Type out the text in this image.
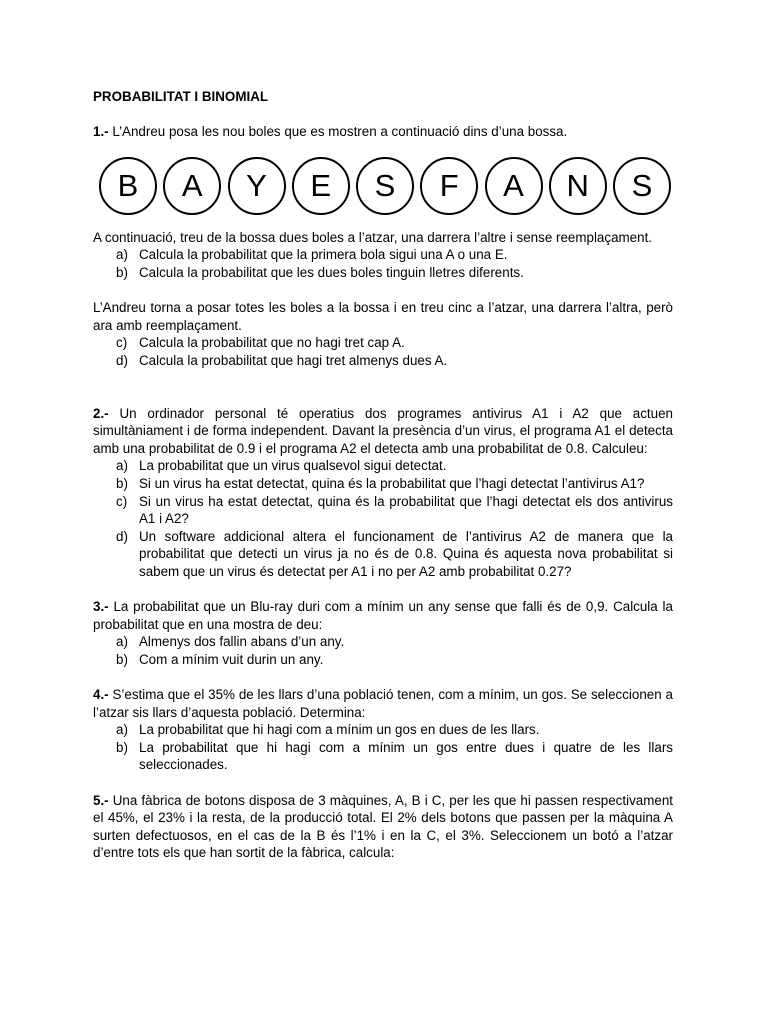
PROBABILITAT I BINOMIAL

1.- L’Andreu posa les nou boles que es mostren a continuació dins d’una bossa.

B	A	Y	E	S	F	A	N	S

A continuació, treu de la bossa dues boles a l’atzar, una darrera l’altre i sense reemplaçament.

a) Calcula la probabilitat que la primera bola sigui una A o una E.
b) Calcula la probabilitat que les dues boles tinguin lletres diferents.

L’Andreu torna a posar totes les boles a la bossa i en treu cinc a l’atzar, una darrera l’altra, però ara amb reemplaçament.

c) Calcula la probabilitat que no hagi tret cap A.
d) Calcula la probabilitat que hagi tret almenys dues A.

2.- Un ordinador personal té operatius dos programes antivirus A1 i A2 que actuen simultàniament i de forma independent. Davant la presència d’un virus, el programa A1 el detecta amb una probabilitat de 0.9 i el programa A2 el detecta amb una probabilitat de 0.8. Calculeu:

a) La probabilitat que un virus qualsevol sigui detectat.
b) Si un virus ha estat detectat, quina és la probabilitat que l’hagi detectat l’antivirus A1?
c) Si un virus ha estat detectat, quina és la probabilitat que l’hagi detectat els dos antivirus A1 i A2?
d) Un software addicional altera el funcionament de l’antivirus A2 de manera que la probabilitat que detecti un virus ja no és de 0.8. Quina és aquesta nova probabilitat si sabem que un virus és detectat per A1 i no per A2 amb probabilitat 0.27?

3.- La probabilitat que un Blu-ray duri com a mínim un any sense que falli és de 0,9. Calcula la probabilitat que en una mostra de deu:

a) Almenys dos fallin abans d’un any.
b) Com a mínim vuit durin un any.

4.- S’estima que el 35% de les llars d’una població tenen, com a mínim, un gos. Se seleccionen a l’atzar sis llars d’aquesta població. Determina:

a) La probabilitat que hi hagi com a mínim un gos en dues de les llars.
b) La probabilitat que hi hagi com a mínim un gos entre dues i quatre de les llars seleccionades.

5.- Una fàbrica de botons disposa de 3 màquines, A, B i C, per les que hi passen respectivament el 45%, el 23% i la resta, de la producció total. El 2% dels botons que passen per la màquina A surten defectuosos, en el cas de la B és l’1% i en la C, el 3%. Seleccionem un botó a l’atzar d’entre tots els que han sortit de la fàbrica, calcula:
